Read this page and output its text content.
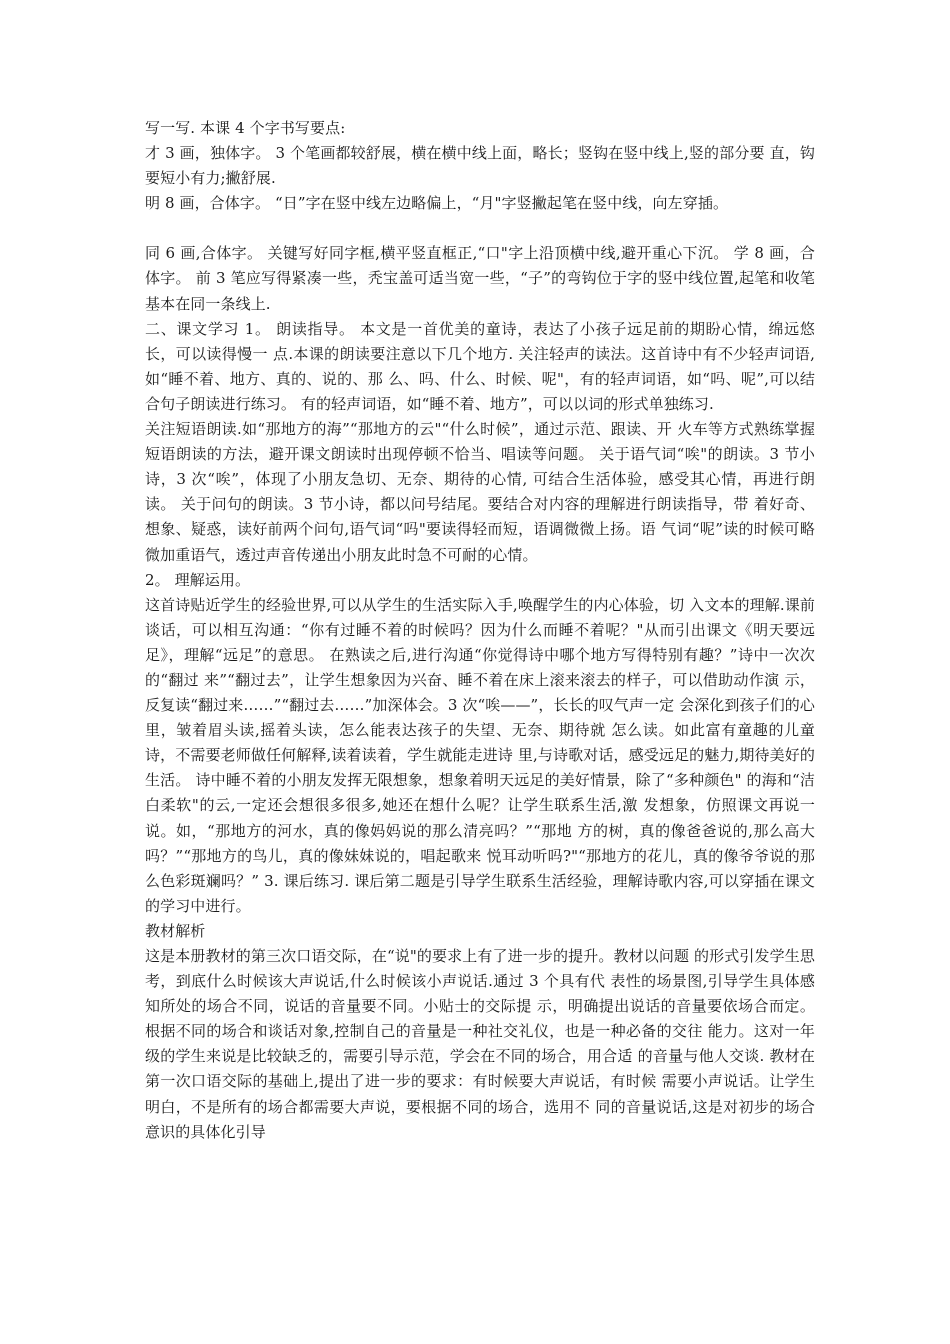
写一写. 本课 4 个字书写要点:

才 3 画，独体字。 3 个笔画都较舒展，横在横中线上面，略长；竖钩在竖中线上,竖的部分要 直，钩要短小有力;撇舒展.

明 8 画，合体字。 “日”字在竖中线左边略偏上，“月"字竖撇起笔在竖中线，向左穿插。

同 6 画,合体字。 关键写好同字框,横平竖直框正,“口"字上沿顶横中线,避开重心下沉。 学 8 画，合体字。 前 3 笔应写得紧凑一些，秃宝盖可适当宽一些，“子”的弯钩位于字的竖中线位置,起笔和收笔基本在同一条线上.

二、课文学习 1。 朗读指导。 本文是一首优美的童诗，表达了小孩子远足前的期盼心情，绵远悠长，可以读得慢一 点.本课的朗读要注意以下几个地方. 关注轻声的读法。这首诗中有不少轻声词语,如“睡不着、地方、真的、说的、那 么、吗、什么、时候、呢"，有的轻声词语，如“吗、呢”,可以结合句子朗读进行练习。 有的轻声词语，如“睡不着、地方”，可以以词的形式单独练习.

关注短语朗读.如“那地方的海”“那地方的云"“什么时候”，通过示范、跟读、开 火车等方式熟练掌握短语朗读的方法，避开课文朗读时出现停顿不恰当、唱读等问题。 关于语气词“唉"的朗读。3 节小诗，3 次“唉”，体现了小朋友急切、无奈、期待的心情, 可结合生活体验，感受其心情，再进行朗读。 关于问句的朗读。3 节小诗，都以问号结尾。要结合对内容的理解进行朗读指导，带 着好奇、想象、疑惑，读好前两个问句,语气词“吗"要读得轻而短，语调微微上扬。语 气词“呢”读的时候可略微加重语气，透过声音传递出小朋友此时急不可耐的心情。

2。 理解运用。

这首诗贴近学生的经验世界,可以从学生的生活实际入手,唤醒学生的内心体验，切 入文本的理解.课前谈话，可以相互沟通：“你有过睡不着的时候吗？因为什么而睡不着呢？"从而引出课文《明天要远足》，理解“远足”的意思。 在熟读之后,进行沟通“你觉得诗中哪个地方写得特别有趣？”诗中一次次的“翻过 来”“翻过去”，让学生想象因为兴奋、睡不着在床上滚来滚去的样子，可以借助动作演 示，反复读“翻过来……”“翻过去……”加深体会。3 次“唉——”，长长的叹气声一定 会深化到孩子们的心里，皱着眉头读,摇着头读，怎么能表达孩子的失望、无奈、期待就 怎么读。如此富有童趣的儿童诗，不需要老师做任何解释,读着读着，学生就能走进诗 里,与诗歌对话，感受远足的魅力,期待美好的生活。 诗中睡不着的小朋友发挥无限想象，想象着明天远足的美好情景，除了“多种颜色" 的海和“洁白柔软"的云,一定还会想很多很多,她还在想什么呢？让学生联系生活,激 发想象，仿照课文再说一说。如，“那地方的河水，真的像妈妈说的那么清亮吗？”“那地 方的树，真的像爸爸说的,那么高大吗？”“那地方的鸟儿，真的像妹妹说的，唱起歌来 悦耳动听吗?"“那地方的花儿，真的像爷爷说的那么色彩斑斓吗？” 3. 课后练习. 课后第二题是引导学生联系生活经验，理解诗歌内容,可以穿插在课文的学习中进行。

教材解析

这是本册教材的第三次口语交际，在“说"的要求上有了进一步的提升。教材以问题 的形式引发学生思考，到底什么时候该大声说话,什么时候该小声说话.通过 3 个具有代 表性的场景图,引导学生具体感知所处的场合不同，说话的音量要不同。小贴士的交际提 示，明确提出说话的音量要依场合而定。 根据不同的场合和谈话对象,控制自己的音量是一种社交礼仪，也是一种必备的交往 能力。这对一年级的学生来说是比较缺乏的，需要引导示范，学会在不同的场合，用合适 的音量与他人交谈. 教材在第一次口语交际的基础上,提出了进一步的要求：有时候要大声说话，有时候 需要小声说话。让学生明白，不是所有的场合都需要大声说，要根据不同的场合，选用不 同的音量说话,这是对初步的场合意识的具体化引导
